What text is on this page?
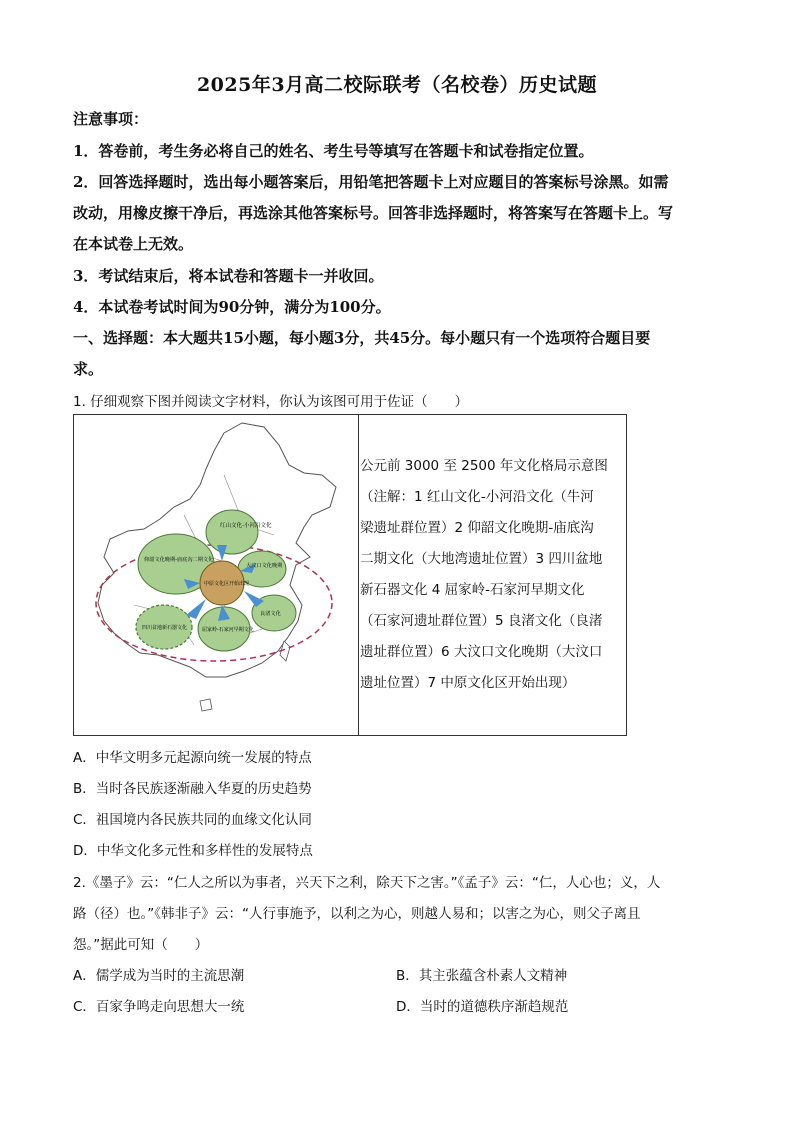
2025年3月高二校际联考（名校卷）历史试题
注意事项：
1．答卷前，考生务必将自己的姓名、考生号等填写在答题卡和试卷指定位置。
2．回答选择题时，选出每小题答案后，用铅笔把答题卡上对应题目的答案标号涂黑。如需
改动，用橡皮擦干净后，再选涂其他答案标号。回答非选择题时，将答案写在答题卡上。写
在本试卷上无效。
3．考试结束后，将本试卷和答题卡一并收回。
4．本试卷考试时间为90分钟，满分为100分。
一、选择题：本大题共15小题，每小题3分，共45分。每小题只有一个选项符合题目要
求。
1. 仔细观察下图并阅读文字材料，你认为该图可用于佐证（　　）
红山文化-小河沿文化
仰韶文化晚期-庙底沟二期文化
大汶口文化晚期
中原文化区开始出现
四川盆地新石器文化	屈家岭-石家河早期文化
良渚文化
公元前 3000 至 2500 年文化格局示意图
（注解：1 红山文化-小河沿文化（牛河
梁遗址群位置）2 仰韶文化晚期-庙底沟
二期文化（大地湾遗址位置）3 四川盆地
新石器文化 4 屈家岭-石家河早期文化
（石家河遗址群位置）5 良渚文化（良渚
遗址群位置）6 大汶口文化晚期（大汶口
遗址位置）7 中原文化区开始出现）
A．中华文明多元起源向统一发展的特点
B．当时各民族逐渐融入华夏的历史趋势
C．祖国境内各民族共同的血缘文化认同
D．中华文化多元性和多样性的发展特点
2.《墨子》云：“仁人之所以为事者，兴天下之利，除天下之害。”《孟子》云：“仁，人心也；义，人
路（径）也。”《韩非子》云：“人行事施予，以利之为心，则越人易和；以害之为心，则父子离且
怨。”据此可知（　　）
A．儒学成为当时的主流思潮	B．其主张蕴含朴素人文精神
C．百家争鸣走向思想大一统	D．当时的道德秩序渐趋规范
